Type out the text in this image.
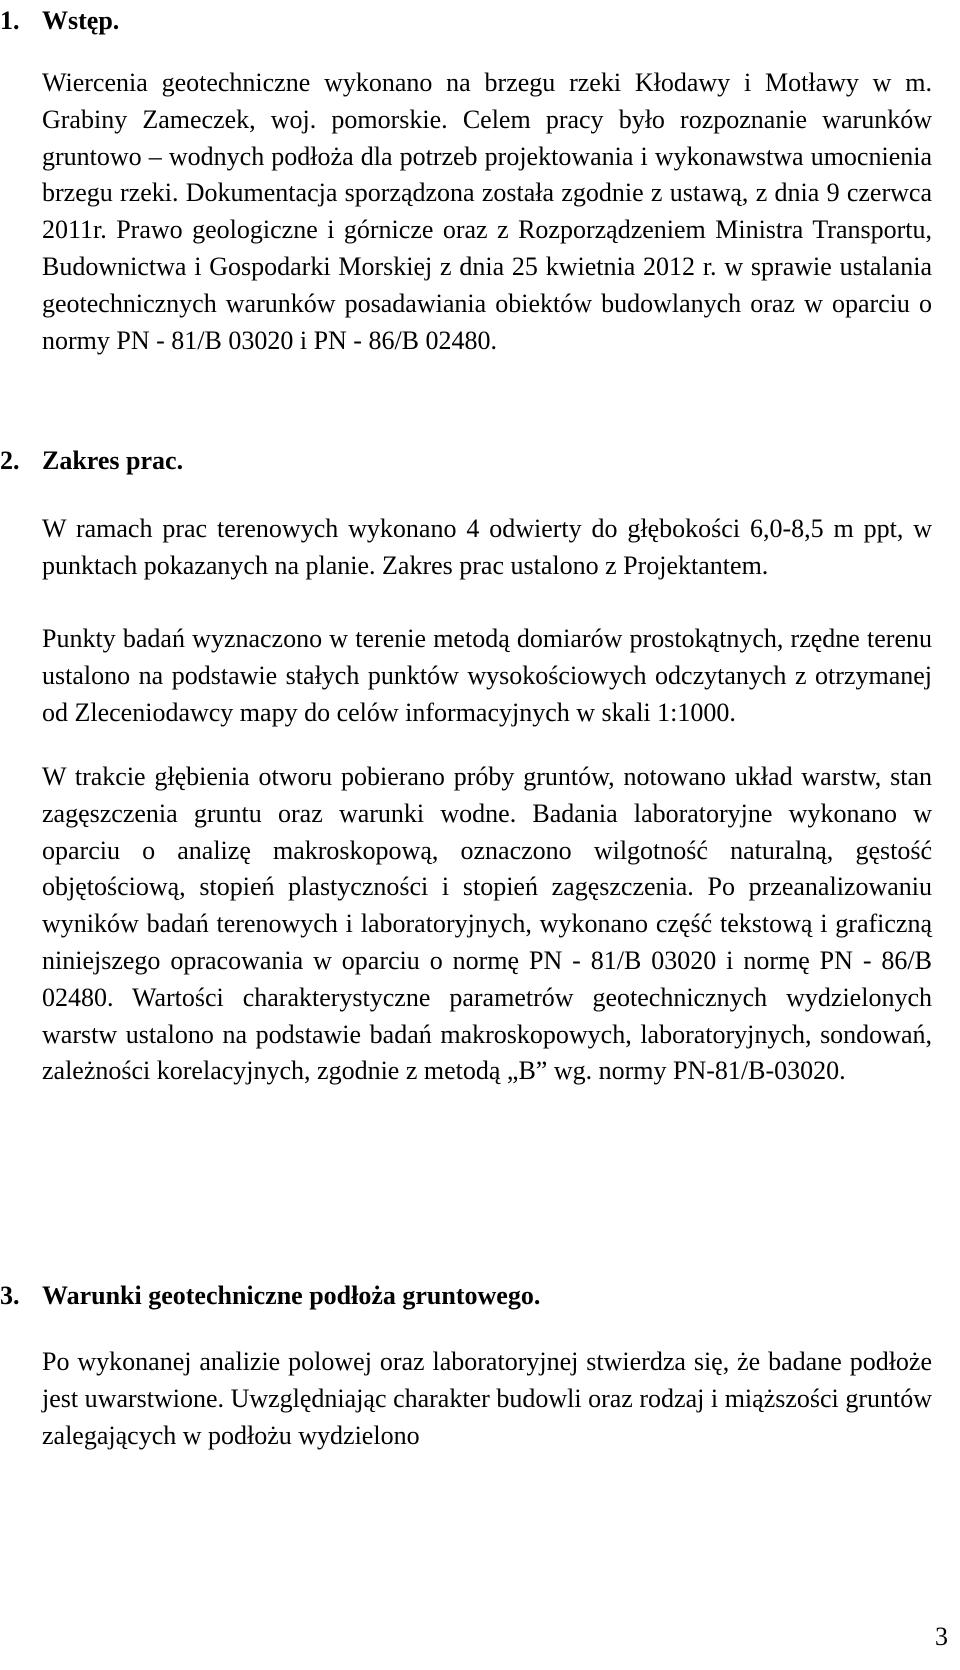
1. Wstęp.
Wiercenia geotechniczne wykonano na brzegu rzeki Kłodawy i Motławy w m. Grabiny Zameczek, woj. pomorskie. Celem pracy było rozpoznanie warunków gruntowo – wodnych podłoża dla potrzeb projektowania i wykonawstwa umocnienia brzegu rzeki. Dokumentacja sporządzona została zgodnie z ustawą, z dnia 9 czerwca 2011r. Prawo geologiczne i górnicze oraz z Rozporządzeniem Ministra Transportu, Budownictwa i Gospodarki Morskiej z dnia 25 kwietnia 2012 r. w sprawie ustalania geotechnicznych warunków posadawiania obiektów budowlanych oraz w oparciu o normy PN - 81/B 03020 i PN - 86/B 02480.
2. Zakres prac.
W ramach prac terenowych wykonano 4 odwierty do głębokości 6,0-8,5 m ppt, w punktach pokazanych na planie. Zakres prac ustalono z Projektantem.
Punkty badań wyznaczono w terenie metodą domiarów prostokątnych, rzędne terenu ustalono na podstawie stałych punktów wysokościowych odczytanych z otrzymanej od Zleceniodawcy mapy do celów informacyjnych w skali 1:1000.
W trakcie głębienia otworu pobierano próby gruntów, notowano układ warstw, stan zagęszczenia gruntu oraz warunki wodne. Badania laboratoryjne wykonano w oparciu o analizę makroskopową, oznaczono wilgotność naturalną, gęstość objętościową, stopień plastyczności i stopień zagęszczenia. Po przeanalizowaniu wyników badań terenowych i laboratoryjnych, wykonano część tekstową i graficzną niniejszego opracowania w oparciu o normę PN - 81/B 03020 i normę PN - 86/B 02480. Wartości charakterystyczne parametrów geotechnicznych wydzielonych warstw ustalono na podstawie badań makroskopowych, laboratoryjnych, sondowań, zależności korelacyjnych, zgodnie z metodą „B” wg. normy PN-81/B-03020.
3. Warunki geotechniczne podłoża gruntowego.
Po wykonanej analizie polowej oraz laboratoryjnej stwierdza się, że badane podłoże jest uwarstwione. Uwzględniając charakter budowli oraz rodzaj i miąższości gruntów zalegających w podłożu wydzielono
3
